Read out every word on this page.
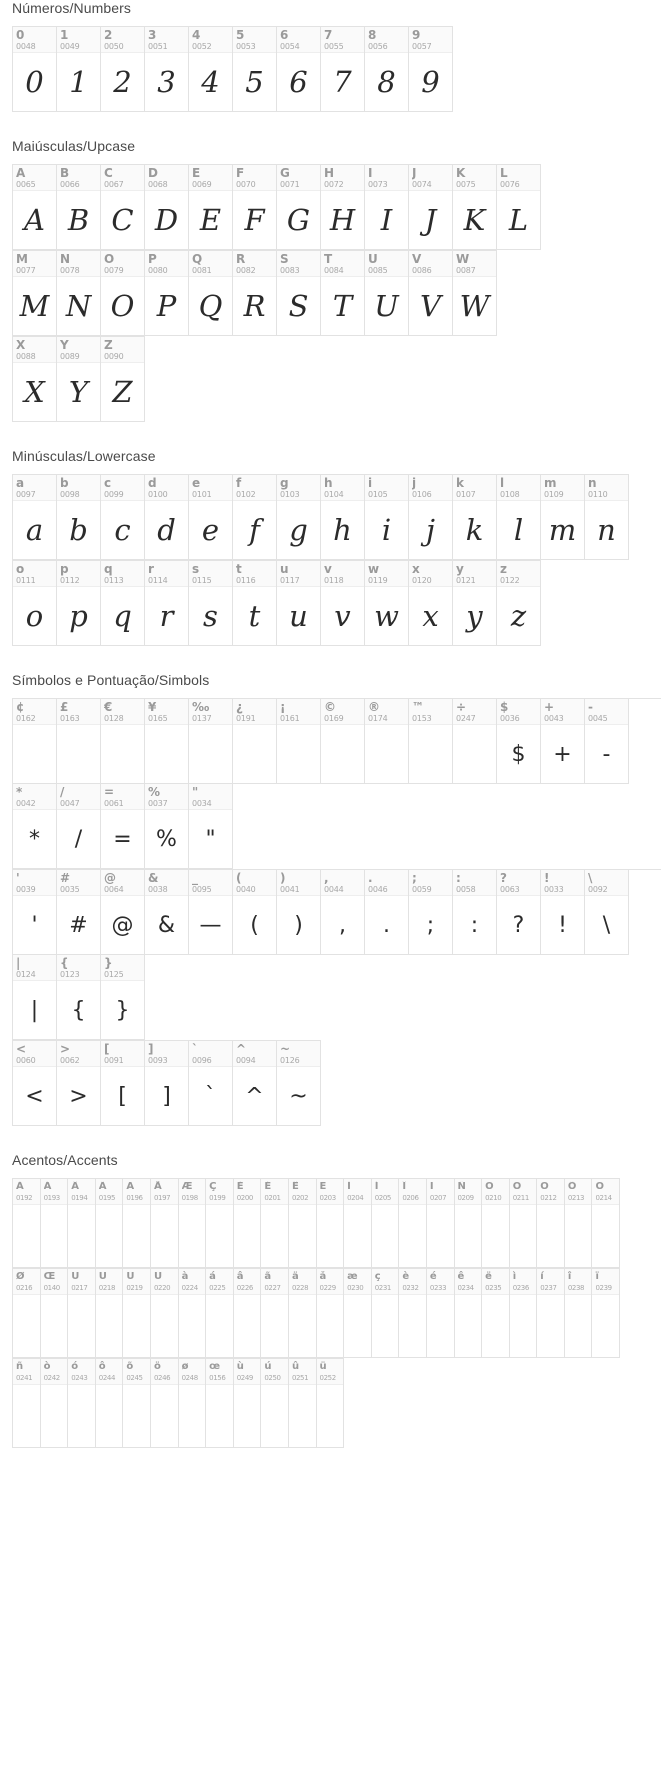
Números/Numbers
0
0048
0
1
0049
1
2
0050
2
3
0051
3
4
0052
4
5
0053
5
6
0054
6
7
0055
7
8
0056
8
9
0057
9
Maiúsculas/Upcase
A
0065
A
B
0066
B
C
0067
C
D
0068
D
E
0069
E
F
0070
F
G
0071
G
H
0072
H
I
0073
I
J
0074
J
K
0075
K
L
0076
L
M
0077
M
N
0078
N
O
0079
O
P
0080
P
Q
0081
Q
R
0082
R
S
0083
S
T
0084
T
U
0085
U
V
0086
V
W
0087
W
X
0088
X
Y
0089
Y
Z
0090
Z
Minúsculas/Lowercase
a
0097
a
b
0098
b
c
0099
c
d
0100
d
e
0101
e
f
0102
f
g
0103
g
h
0104
h
i
0105
i
j
0106
j
k
0107
k
l
0108
l
m
0109
m
n
0110
n
o
0111
o
p
0112
p
q
0113
q
r
0114
r
s
0115
s
t
0116
t
u
0117
u
v
0118
v
w
0119
w
x
0120
x
y
0121
y
z
0122
z
Símbolos e Pontuação/Simbols
¢
0162
£
0163
€
0128
¥
0165
‰
0137
¿
0191
¡
0161
©
0169
®
0174
™
0153
÷
0247
$
0036
$
+
0043
+
-
0045
-
*
0042
*
/
0047
/
=
0061
=
%
0037
%
"
0034
"
'
0039
'
#
0035
#
@
0064
@
&
0038
&
_
0095
—
(
0040
(
)
0041
)
,
0044
,
.
0046
.
;
0059
;
:
0058
:
?
0063
?
!
0033
!
\
0092
\
|
0124
|
{
0123
{
}
0125
}
<
0060
<
>
0062
>
[
0091
[
]
0093
]
`
0096
`
^
0094
^
~
0126
~
Acentos/Accents
À
0192
Á
0193
Â
0194
Ã
0195
Ä
0196
Å
0197
Æ
0198
Ç
0199
È
0200
É
0201
Ê
0202
Ë
0203
Ì
0204
Í
0205
Î
0206
Ï
0207
Ñ
0209
Ò
0210
Ó
0211
Ô
0212
Õ
0213
Ö
0214
Ø
0216
Œ
0140
Ù
0217
Ú
0218
Û
0219
Ü
0220
à
0224
á
0225
â
0226
ã
0227
ä
0228
å
0229
æ
0230
ç
0231
è
0232
é
0233
ê
0234
ë
0235
ì
0236
í
0237
î
0238
ï
0239
ñ
0241
ò
0242
ó
0243
ô
0244
õ
0245
ö
0246
ø
0248
œ
0156
ù
0249
ú
0250
û
0251
ü
0252
